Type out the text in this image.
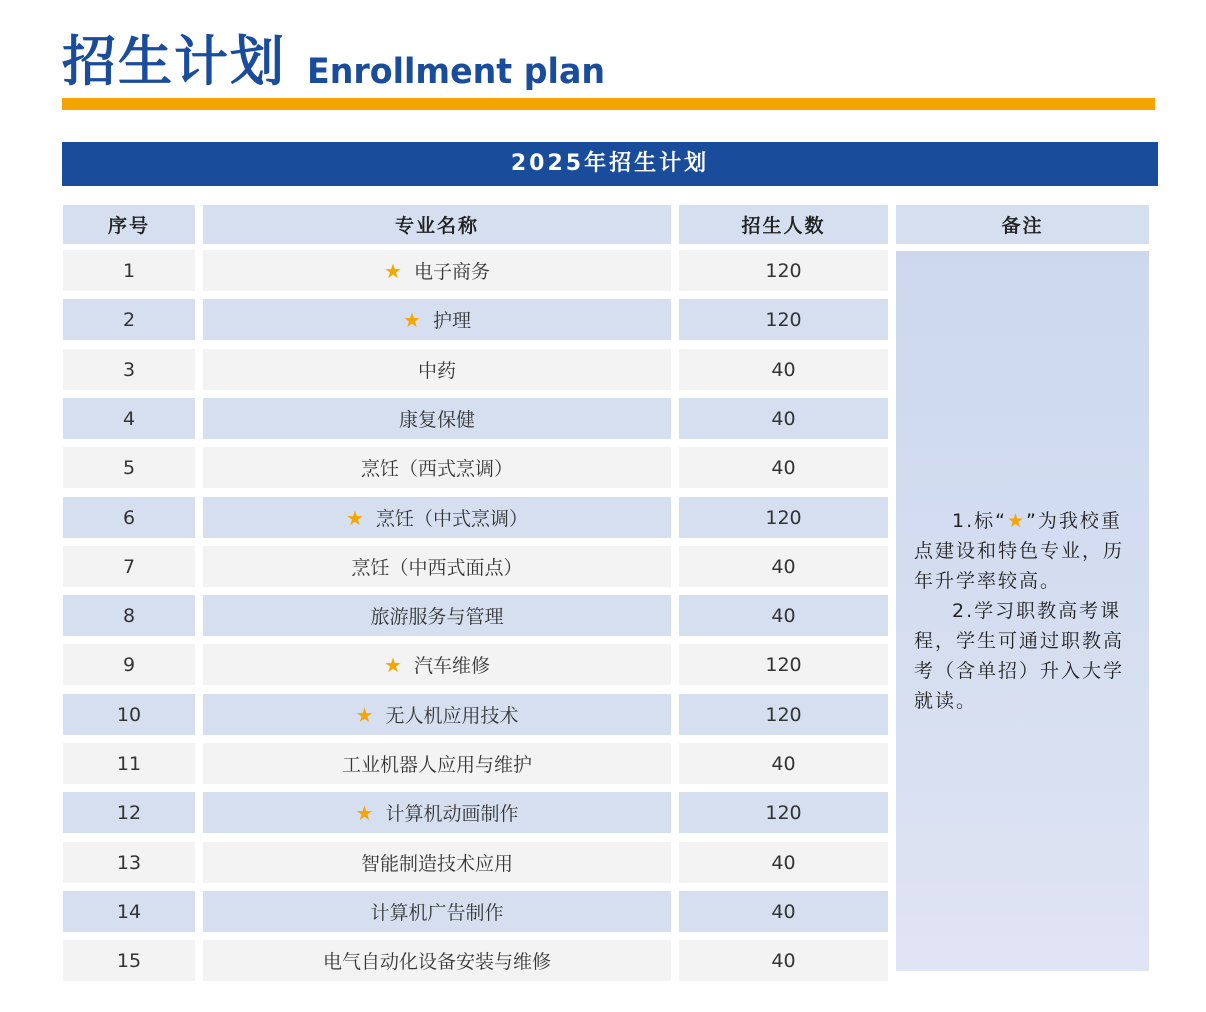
招生计划 Enrollment plan
2025年招生计划
序号	专业名称	招生人数	备注
1	★ 电子商务	120
2	★ 护理	120
3	中药	40
4	康复保健	40
5	烹饪（西式烹调）	40
6	★ 烹饪（中式烹调）	120
7	烹饪（中西式面点）	40
8	旅游服务与管理	40
9	★ 汽车维修	120
10	★ 无人机应用技术	120
11	工业机器人应用与维护	40
12	★ 计算机动画制作	120
13	智能制造技术应用	40
14	计算机广告制作	40
15	电气自动化设备安装与维修	40

1.标“★”为我校重点建设和特色专业，历年升学率较高。

2.学习职教高考课程，学生可通过职教高考（含单招）升入大学就读。
